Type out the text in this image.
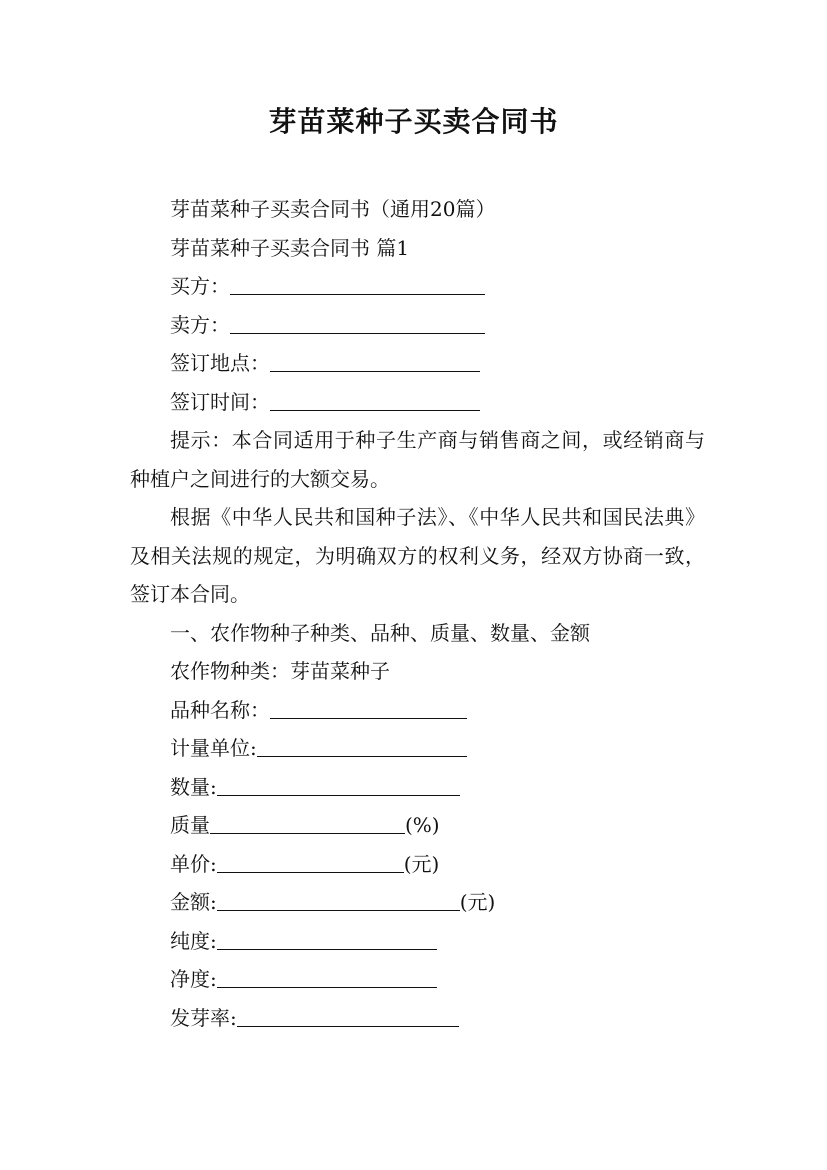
芽苗菜种子买卖合同书

芽苗菜种子买卖合同书（通用20篇）

芽苗菜种子买卖合同书 篇1

买方：

卖方：

签订地点：

签订时间：

提示：本合同适用于种子生产商与销售商之间，或经销商与种植户之间进行的大额交易。

根据《中华人民共和国种子法》、《中华人民共和国民法典》及相关法规的规定，为明确双方的权利义务，经双方协商一致，签订本合同。

一、农作物种子种类、品种、质量、数量、金额

农作物种类：芽苗菜种子

品种名称：

计量单位:

数量:

质量	(%)

单价:	(元)

金额:	(元)

纯度:

净度:

发芽率:
